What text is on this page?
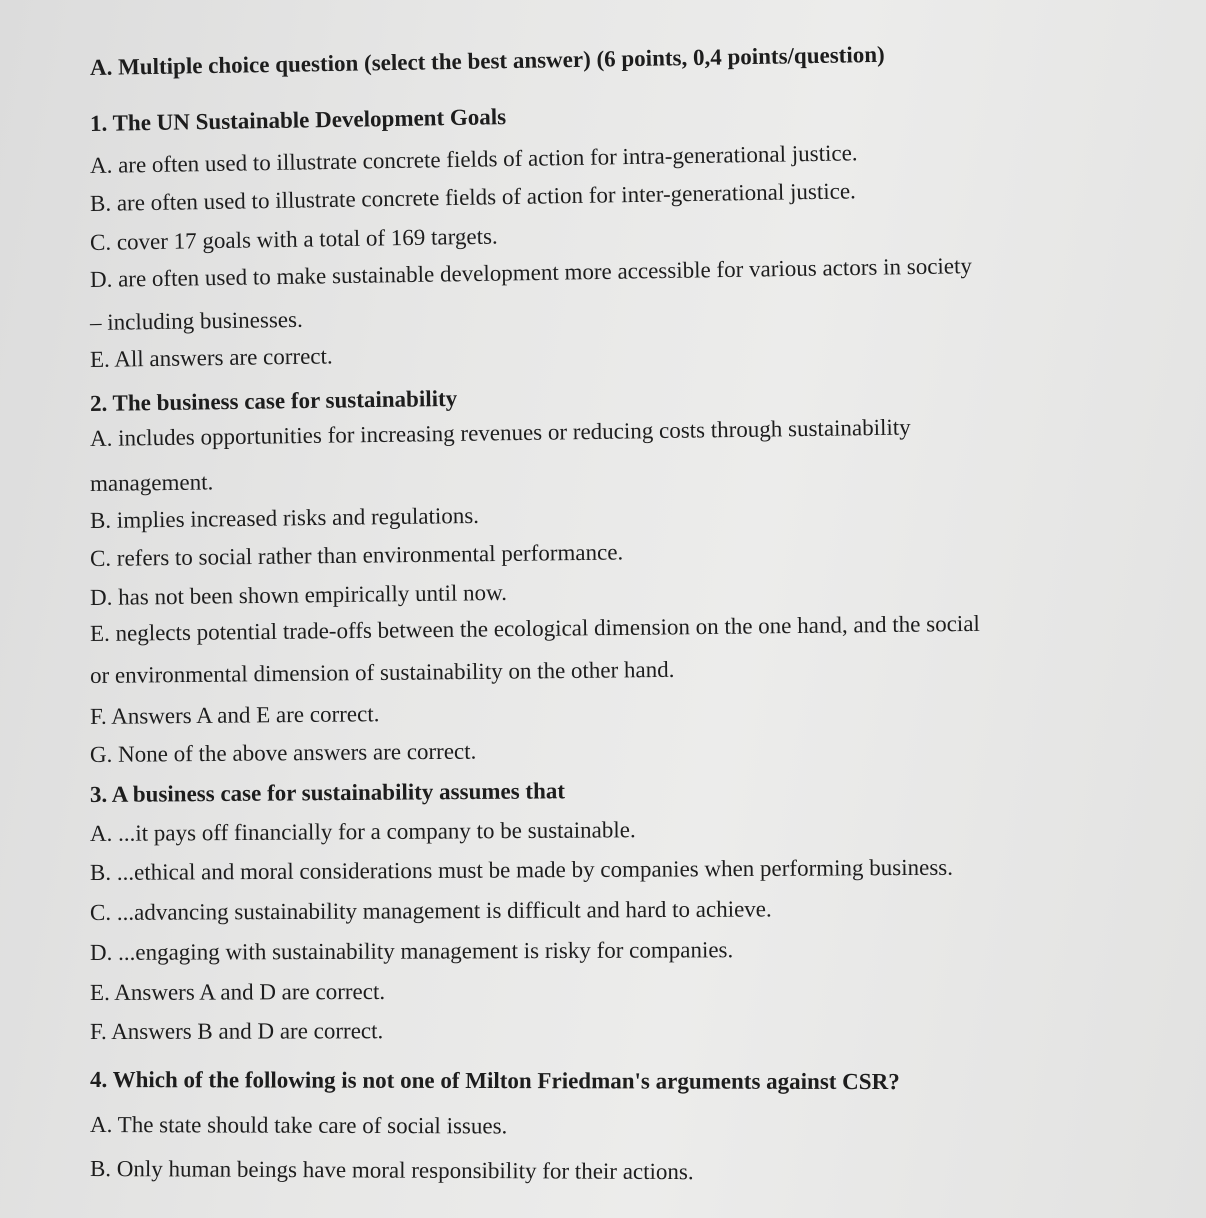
A. Multiple choice question (select the best answer) (6 points, 0,4 points/question)
1. The UN Sustainable Development Goals
A. are often used to illustrate concrete fields of action for intra-generational justice.
B. are often used to illustrate concrete fields of action for inter-generational justice.
C. cover 17 goals with a total of 169 targets.
D. are often used to make sustainable development more accessible for various actors in society
– including businesses.
E. All answers are correct.
2. The business case for sustainability
A. includes opportunities for increasing revenues or reducing costs through sustainability
management.
B. implies increased risks and regulations.
C. refers to social rather than environmental performance.
D. has not been shown empirically until now.
E. neglects potential trade-offs between the ecological dimension on the one hand, and the social
or environmental dimension of sustainability on the other hand.
F. Answers A and E are correct.
G. None of the above answers are correct.
3. A business case for sustainability assumes that
A. ...it pays off financially for a company to be sustainable.
B. ...ethical and moral considerations must be made by companies when performing business.
C. ...advancing sustainability management is difficult and hard to achieve.
D. ...engaging with sustainability management is risky for companies.
E. Answers A and D are correct.
F. Answers B and D are correct.
4. Which of the following is not one of Milton Friedman's arguments against CSR?
A. The state should take care of social issues.
B. Only human beings have moral responsibility for their actions.
